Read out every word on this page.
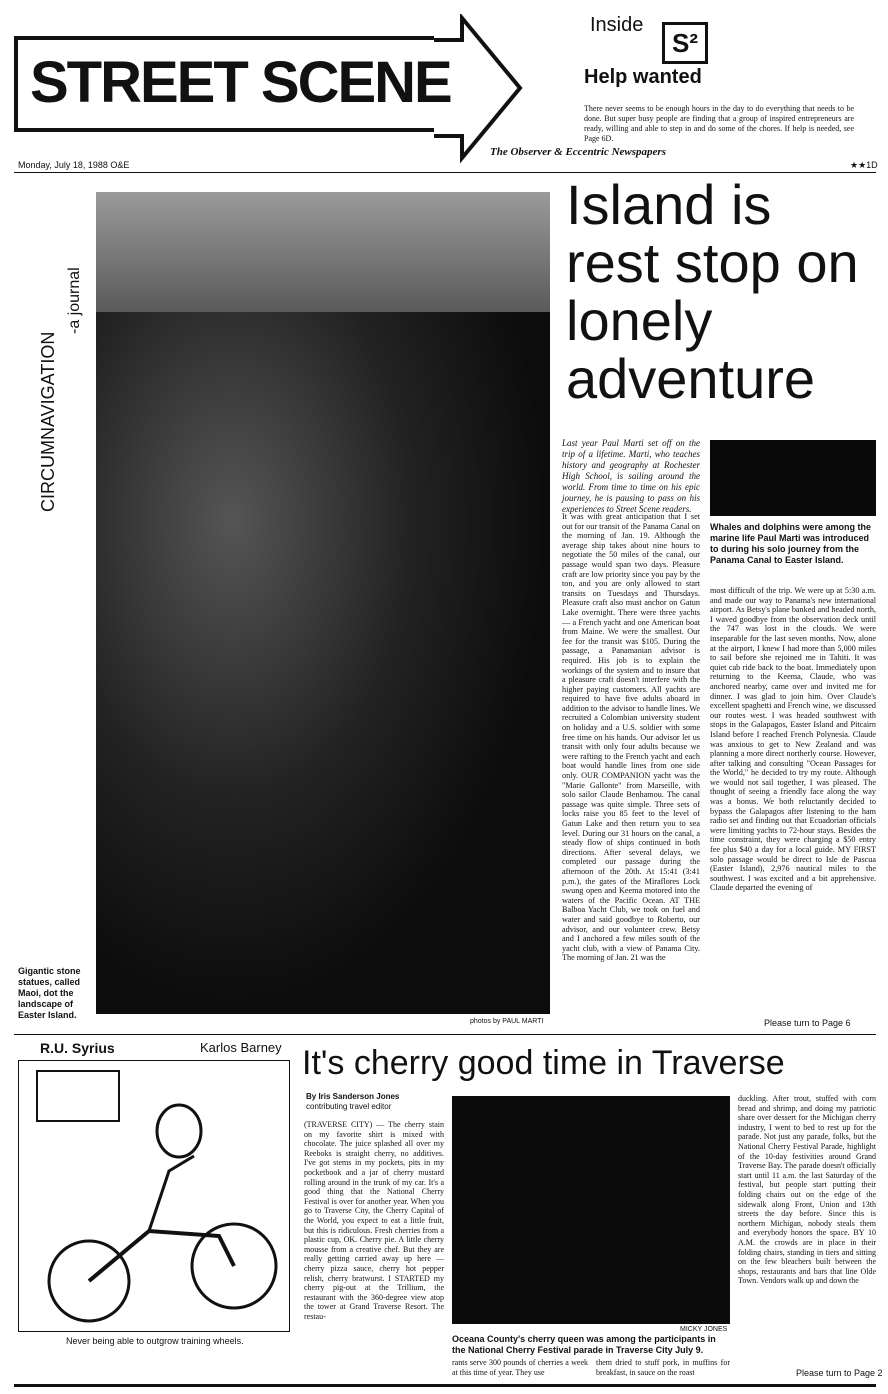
STREET SCENE
Inside
S²
Help wanted
There never seems to be enough hours in the day to do everything that needs to be done. But super busy people are finding that a group of inspired entrepreneurs are ready, willing and able to step in and do some of the chores. If help is needed, see Page 6D.
The Observer & Eccentric Newspapers
Monday, July 18, 1988 O&E	★★1D
photos by PAUL MARTI
CIRCUMNAVIGATION
-a journal
Gigantic stone statues, called Maoi, dot the landscape of Easter Island.
Island is rest stop on lonely adventure
Last year Paul Marti set off on the trip of a lifetime. Marti, who teaches history and geography at Rochester High School, is sailing around the world. From time to time on his epic journey, he is pausing to pass on his experiences to Street Scene readers.
Whales and dolphins were among the marine life Paul Marti was introduced to during his solo journey from the Panama Canal to Easter Island.
It was with great anticipation that I set out for our transit of the Panama Canal on the morning of Jan. 19. Although the average ship takes about nine hours to negotiate the 50 miles of the canal, our passage would span two days. Pleasure craft are low priority since you pay by the ton, and you are only allowed to start transits on Tuesdays and Thursdays. Pleasure craft also must anchor on Gatun Lake overnight. There were three yachts — a French yacht and one American boat from Maine. We were the smallest. Our fee for the transit was $105. During the passage, a Panamanian advisor is required. His job is to explain the workings of the system and to insure that a pleasure craft doesn't interfere with the higher paying customers. All yachts are required to have five adults aboard in addition to the advisor to handle lines. We recruited a Colombian university student on holiday and a U.S. soldier with some free time on his hands. Our advisor let us transit with only four adults because we were rafting to the French yacht and each boat would handle lines from one side only. OUR COMPANION yacht was the "Marie Gallonte" from Marseille, with solo sailor Claude Benhamou. The canal passage was quite simple. Three sets of locks raise you 85 feet to the level of Gatun Lake and then return you to sea level. During our 31 hours on the canal, a steady flow of ships continued in both directions. After several delays, we completed our passage during the afternoon of the 20th. At 15:41 (3:41 p.m.), the gates of the Miraflores Lock swung open and Keema motored into the waters of the Pacific Ocean. AT THE Balboa Yacht Club, we took on fuel and water and said goodbye to Roberto, our advisor, and our volunteer crew. Betsy and I anchored a few miles south of the yacht club, with a view of Panama City. The morning of Jan. 21 was the
most difficult of the trip. We were up at 5:30 a.m. and made our way to Panama's new international airport. As Betsy's plane banked and headed north, I waved goodbye from the observation deck until the 747 was lost in the clouds. We were inseparable for the last seven months. Now, alone at the airport, I knew I had more than 5,000 miles to sail before she rejoined me in Tahiti. It was quiet cab ride back to the boat. Immediately upon returning to the Keema, Claude, who was anchored nearby, came over and invited me for dinner. I was glad to join him. Over Claude's excellent spaghetti and French wine, we discussed our routes west. I was headed southwest with stops in the Galapagos, Easter Island and Pitcairn Island before I reached French Polynesia. Claude was anxious to get to New Zealand and was planning a more direct northerly course. However, after talking and consulting "Ocean Passages for the World," he decided to try my route. Although we would not sail together, I was pleased. The thought of seeing a friendly face along the way was a bonus. We both reluctantly decided to bypass the Galapagos after listening to the ham radio set and finding out that Ecuadorian officials were limiting yachts to 72-hour stays. Besides the time constraint, they were charging a $50 entry fee plus $40 a day for a local guide. MY FIRST solo passage would be direct to Isle de Pascua (Easter Island), 2,976 nautical miles to the southwest. I was excited and a bit apprehensive. Claude departed the evening of
Please turn to Page 6
R.U. Syrius	Karlos Barney
Never being able to outgrow training wheels.
It's cherry good time in Traverse
By Iris Sanderson Jones
contributing travel editor
(TRAVERSE CITY) — The cherry stain on my favorite shirt is mixed with chocolate. The juice splashed all over my Reeboks is straight cherry, no additives. I've got stems in my pockets, pits in my pocketbook and a jar of cherry mustard rolling around in the trunk of my car. It's a good thing that the National Cherry Festival is over for another year. When you go to Traverse City, the Cherry Capital of the World, you expect to eat a little fruit, but this is ridiculous. Fresh cherries from a plastic cup, OK. Cherry pie. A little cherry mousse from a creative chef. But they are really getting carried away up here — cherry pizza sauce, cherry hot pepper relish, cherry bratwurst. I STARTED my cherry pig-out at the Trillium, the restaurant with the 360-degree view atop the tower at Grand Traverse Resort. The restau-
MICKY JONES
Oceana County's cherry queen was among the participants in the National Cherry Festival parade in Traverse City July 9.
rants serve 300 pounds of cherries a week at this time of year. They use
them dried to stuff pork, in muffins for breakfast, in sauce on the roast
duckling. After trout, stuffed with corn bread and shrimp, and doing my patriotic share over dessert for the Michigan cherry industry, I went to bed to rest up for the parade. Not just any parade, folks, but the National Cherry Festival Parade, highlight of the 10-day festivities around Grand Traverse Bay. The parade doesn't officially start until 11 a.m. the last Saturday of the festival, but people start putting their folding chairs out on the edge of the sidewalk along Front, Union and 13th streets the day before. Since this is northern Michigan, nobody steals them and everybody honors the space. BY 10 A.M. the crowds are in place in their folding chairs, standing in tiers and sitting on the few bleachers built between the shops, restaurants and bars that line Olde Town. Vendors walk up and down the
Please turn to Page 2
